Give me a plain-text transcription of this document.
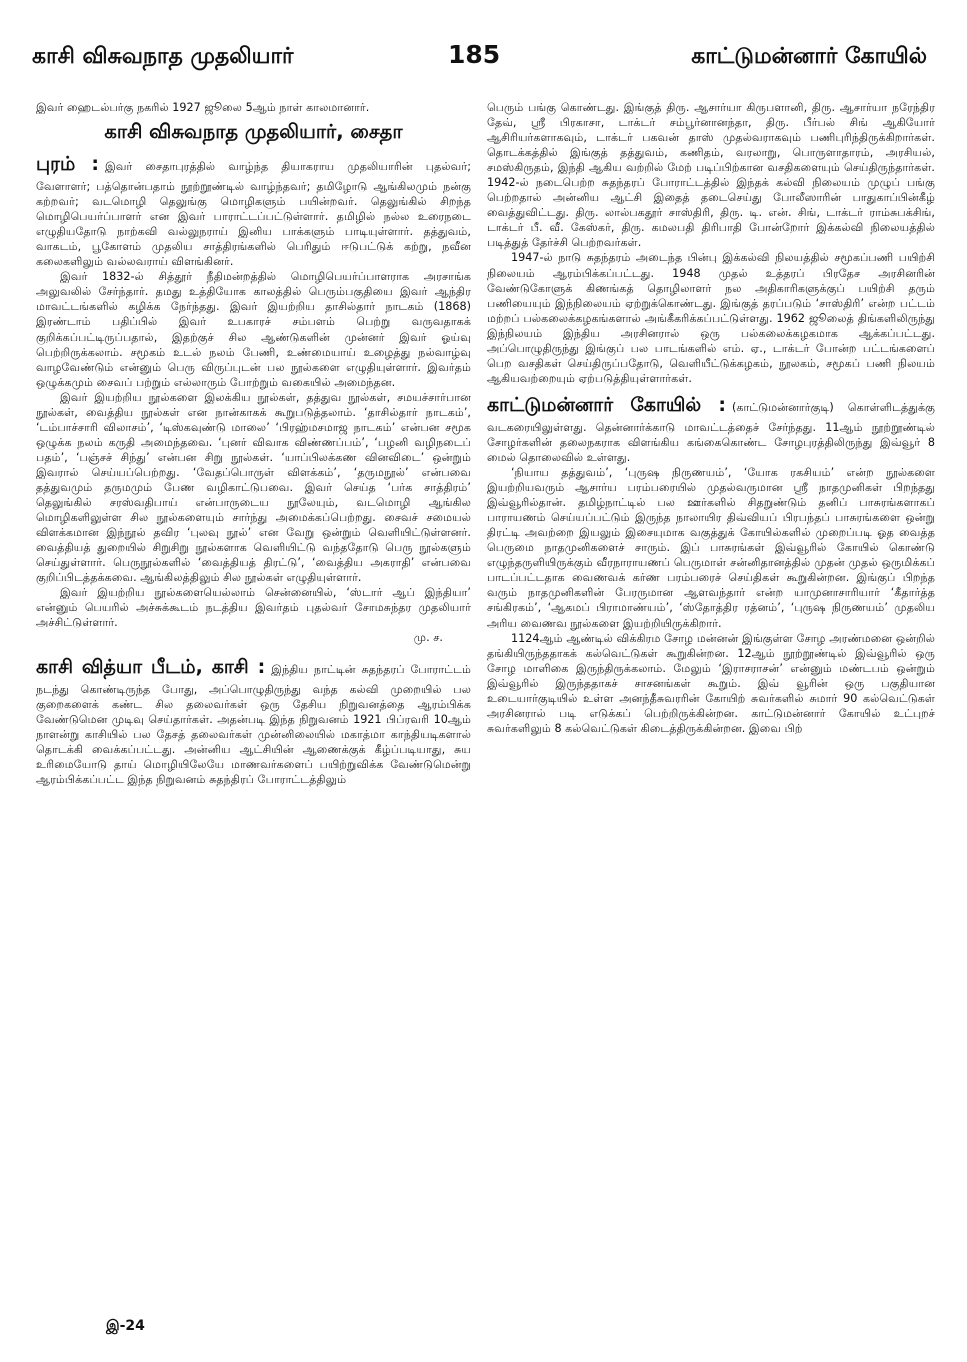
காசி விசுவநாத முதலியார்	185	காட்டுமன்னார் கோயில்

இவர் ஹைடல்பர்கு நகரில் 1927 ஜூலை 5ஆம் நாள் காலமானார்.

காசி விசுவநாத முதலியார், சைதா

புரம் : இவர் சைதாபுரத்தில் வாழ்ந்த தியாகராய முதலியாரின் புதல்வர்; வேளாளர்; பத்தொன்பதாம் நூற்றூண்டில் வாழ்ந்தவர்; தமிழோடு ஆங்கிலமும் நன்கு கற்றவர்; வடமொழி தெலுங்கு மொழிகளும் பயின்றவர். தெலுங்கில் சிறந்த மொழிபெயர்ப்பாளர் என இவர் பாராட்டப்பட்டுள்ளார். தமிழில் நல்ல உரைநடை எழுதியதோடு நாற்கவி வல்லுநராய் இனிய பாக்களும் பாடியுள்ளார். தத்துவம், வாகடம், பூகோளம் முதலிய சாத்திரங்களில் பெரிதும் ஈடுபட்டுக் கற்று, நவீன கலைகளிலும் வல்லவராய் விளங்கினர்.

இவர் 1832-ல் சித்தூர் நீதிமன்றத்தில் மொழிபெயர்ப்பாளராக அரசாங்க அலுவலில் சேர்ந்தார். தமது உத்தியோக காலத்தில் பெரும்பகுதியை இவர் ஆந்திர மாவட்டங்களில் கழிக்க நேர்ந்தது. இவர் இயற்றிய தாசில்தார் நாடகம் (1868) இரண்டாம் பதிப்பில் இவர் உபகாரச் சம்பளம் பெற்று வருவதாகக் குறிக்கப்பட்டிருப்பதால், இதற்குச் சில ஆண்டுகளின் முன்னர் இவர் ஓய்வு பெற்றிருக்கலாம். சமூகம் உடல் நலம் பேணி, உண்மையாய் உழைத்து நல்வாழ்வு வாழவேண்டும் என்னும் பெரு விருப்புடன் பல நூல்களை எழுதியுள்ளார். இவர்தம் ஒழுக்கமும் சைவப் பற்றும் எல்லாரும் போற்றும் வகையில் அமைந்தன.

இவர் இயற்றிய நூல்களை இலக்கிய நூல்கள், தத்துவ நூல்கள், சமயச்சார்பான நூல்கள், வைத்திய நூல்கள் என நான்காகக் கூறுபடுத்தலாம். ‘தாசில்தார் நாடகம்’, ‘டம்பாச்சாரி விலாசம்’, ‘டிஸ்கவுண்டு மாலை’ ‘பிரஹ்மசமாஜ நாடகம்’ என்பன சமூக ஒழுக்க நலம் கருதி அமைந்தவை. ‘புனர் விவாக விண்ணப்பம்’, ‘பழனி வழிநடைப் பதம்’, ‘பஞ்சச் சிந்து’ என்பன சிறு நூல்கள். ‘யாப்பிலக்கண வினவிடை’ ஒன்றும் இவரால் செய்யப்பெற்றது. ‘வேதப்பொருள் விளக்கம்’, ‘தருமநூல்’ என்பவை தத்துவமும் தருமமும் பேண வழிகாட்டுபவை. இவர் செய்த ‘பர்க சாத்திரம்’ தெலுங்கில் சரஸ்வதிபாய் என்பாருடைய நூலேயும், வடமொழி ஆங்கில மொழிகளிலுள்ள சில நூல்களையும் சார்ந்து அமைக்கப்பெற்றது. சைவச் சமையல் விளக்கமான இந்நூல் தவிர ‘புலவு நூல்’ என வேறு ஒன்றும் வெளியிட்டுள்ளனர். வைத்தியத் துறையில் சிறுசிறு நூல்களாக வெளியிட்டு வந்ததோடு பெரு நூல்களும் செய்துள்ளார். பெருநூல்களில் ‘வைத்தியத் திரட்டு’, ‘வைத்திய அகராதி’ என்பவை குறிப்பிடத்தக்கவை. ஆங்கிலத்திலும் சில நூல்கள் எழுதியுள்ளார்.

இவர் இயற்றிய நூல்களையெல்லாம் சென்னையில், ‘ஸ்டார் ஆப் இந்தியா’ என்னும் பெயரில் அச்சுக்கூடம் நடத்திய இவர்தம் புதல்வர் சோமசுந்தர முதலியார் அச்சிட்டுள்ளார்.

மு. ச.

காசி வித்யா பீடம், காசி : இந்திய நாட்டின் சுதந்தரப் போராட்டம் நடந்து கொண்டிருந்த போது, அப்பொழுதிருந்து வந்த கல்வி முறையில் பல குறைகளைக் கண்ட சில தலைவர்கள் ஒரு தேசிய நிறுவனத்தை ஆரம்பிக்க வேண்டுமென முடிவு செய்தார்கள். அதன்படி இந்த நிறுவனம் 1921 பிப்ரவரி 10ஆம் நாளன்று காசியில் பல தேசத் தலைவர்கள் முன்னிலையில் மகாத்மா காந்தியடிகளால் தொடக்கி வைக்கப்பட்டது. அன்னிய ஆட்சியின் ஆணைக்குக் கீழ்ப்படியாது, சுய உரிமையோடு தாய் மொழியிலேயே மாணவர்களைப் பயிற்றுவிக்க வேண்டுமென்று ஆரம்பிக்கப்பட்ட இந்த நிறுவனம் சுதந்திரப் போராட்டத்திலும்

பெரும் பங்கு கொண்டது. இங்குத் திரு. ஆசார்யா கிருபளானி, திரு. ஆசார்யா நரேந்திர தேவ், ஸ்ரீ பிரகாசா, டாக்டர் சம்பூர்னானந்தா, திரு. பீர்பல் சிங் ஆகியோர் ஆசிரியர்களாகவும், டாக்டர் பகவன் தாஸ் முதல்வராகவும் பணிபுரிந்திருக்கிறார்கள். தொடக்கத்தில் இங்குத் தத்துவம், கணிதம், வரலாறு, பொருளாதாரம், அரசியல், சமஸ்கிருதம், இந்தி ஆகிய வற்றில் மேற் படிப்பிற்கான வசதிகளையும் செய்திருந்தார்கள். 1942-ல் நடைபெற்ற சுதந்தரப் போராட்டத்தில் இந்தக் கல்வி நிலையம் முழுப் பங்கு பெற்றதால் அன்னிய ஆட்சி இதைத் தடைசெய்து போலீஸாரின் பாதுகாப்பின்கீழ் வைத்துவிட்டது. திரு. லால்பகதூர் சாஸ்திரி, திரு. டி. என். சிங், டாக்டர் ராம்சுபக்சிங், டாக்டர் பீ. வீ. கேஸ்கர், திரு. கமலபதி திரிபாதி போன்றோர் இக்கல்வி நிலையத்தில் படித்துத் தேர்ச்சி பெற்றவர்கள்.

1947-ல் நாடு சுதந்தரம் அடைந்த பின்பு இக்கல்வி நிலயத்தில் சமூகப்பணி பயிற்சி நிலையம் ஆரம்பிக்கப்பட்டது. 1948 முதல் உத்தரப் பிரதேச அரசினரின் வேண்டுகோளுக் கிணங்கத் தொழிலாளர் நல அதிகாரிகளுக்குப் பயிற்சி தரும் பணியையும் இந்நிலையம் ஏற்றுக்கொண்டது. இங்குத் தரப்படும் ‘சாஸ்திரி’ என்ற பட்டம் மற்றப் பல்கலைக்கழகங்களால் அங்கீகரிக்கப்பட்டுள்ளது. 1962 ஜூலைத் திங்களிலிருந்து இந்நிலயம் இந்திய அரசினரால் ஒரு பல்கலைக்கழகமாக ஆக்கப்பட்டது. அப்பொழுதிருந்து இங்குப் பல பாடங்களில் எம். ஏ., டாக்டர் போன்ற பட்டங்களைப் பெற வசதிகள் செய்திருப்பதோடு, வெளியீட்டுக்கழகம், நூலகம், சமூகப் பணி நிலயம் ஆகியவற்றையும் ஏற்படுத்தியுள்ளார்கள்.

காட்டுமன்னார் கோயில் : (காட்டுமன்னார்குடி) கொள்ளிடத்துக்கு வடகரையிலுள்ளது. தென்னார்க்காடு மாவட்டத்தைச் சேர்ந்தது. 11ஆம் நூற்றூண்டில் சோழர்களின் தலைநகராக விளங்கிய கங்கைகொண்ட சோழபுரத்திலிருந்து இவ்வூர் 8 மைல் தொலைவில் உள்ளது.

‘நியாய தத்துவம்’, ‘புருஷ நிருணயம்’, ‘யோக ரகசியம்’ என்ற நூல்களை இயற்றியவரும் ஆசார்ய பரம்பரையில் முதல்வருமான ஸ்ரீ நாதமுனிகள் பிறந்தது இவ்வூரில்தான். தமிழ்நாட்டில் பல ஊர்களில் சிதறுண்டும் தனிப் பாசுரங்களாகப் பாராயணம் செய்யப்பட்டும் இருந்த நாலாயிர திவ்வியப் பிரபந்தப் பாசுரங்களை ஒன்று திரட்டி அவற்றை இயலும் இசையுமாக வகுத்துக் கோயில்களில் முறைப்படி ஓத வைத்த பெருமை நாதமுனிகளைச் சாரும். இப் பாசுரங்கள் இவ்வூரில் கோயில் கொண்டு எழுந்தருளியிருக்கும் வீரநாராயணப் பெருமாள் சன்னிதானத்தில் முதன் முதல் ஒருமிக்கப் பாடப்பட்டதாக வைணவக் கர்ண பரம்பரைச் செய்திகள் கூறுகின்றன. இங்குப் பிறந்த வரும் நாதமுனிகளின் பேரருமான ஆளவந்தார் என்ற யாமுனாசாரியார் ‘கீதார்த்த சங்கிரகம்’, ‘ஆகமப் பிராமாண்யம்’, ‘ஸ்தோத்திர ரத்னம்’, ‘புருஷ நிருணயம்’ முதலிய அரிய வைணவ நூல்களை இயற்றியிருக்கிறார்.

1124ஆம் ஆண்டில் விக்கிரம சோழ மன்னன் இங்குள்ள சோழ அரண்மனை ஒன்றில் தங்கியிருந்ததாகக் கல்வெட்டுகள் கூறுகின்றன. 12ஆம் நூற்றூண்டில் இவ்வூரில் ஒரு சோழ மாளிகை இருந்திருக்கலாம். மேலும் ‘இராசராசன்’ என்னும் மண்டபம் ஒன்றும் இவ்வூரில் இருந்ததாகச் சாசனங்கள் கூறும். இவ் வூரின் ஒரு பகுதியான உடையார்குடியில் உள்ள அனந்தீசுவரரின் கோயிற் சுவர்களில் சுமார் 90 கல்வெட்டுகள் அரசினரால் படி எடுக்கப் பெற்றிருக்கின்றன. காட்டுமன்னார் கோயில் உட்புறச் சுவர்களிலும் 8 கல்வெட்டுகள் கிடைத்திருக்கின்றன. இவை பிற்

இ-24
